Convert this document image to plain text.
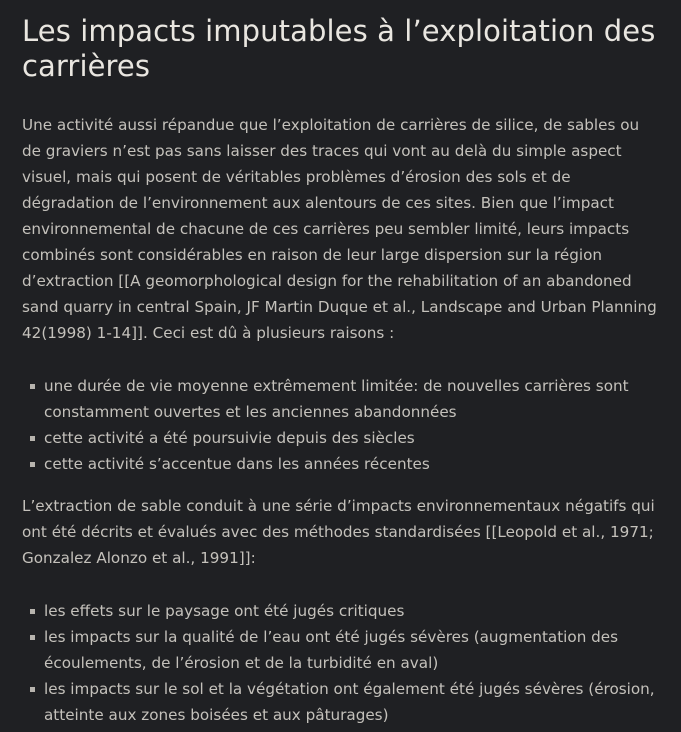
Les impacts imputables à l’exploitation des carrières

Une activité aussi répandue que l’exploitation de carrières de silice, de sables ou de graviers n’est pas sans laisser des traces qui vont au delà du simple aspect visuel, mais qui posent de véritables problèmes d’érosion des sols et de dégradation de l’environnement aux alentours de ces sites. Bien que l’impact environnemental de chacune de ces carrières peu sembler limité, leurs impacts combinés sont considérables en raison de leur large dispersion sur la région d’extraction [[A geomorphological design for the rehabilitation of an abandoned sand quarry in central Spain, JF Martin Duque et al., Landscape and Urban Planning 42(1998) 1-14]]. Ceci est dû à plusieurs raisons :

une durée de vie moyenne extrêmement limitée: de nouvelles carrières sont constamment ouvertes et les anciennes abandonnées
cette activité a été poursuivie depuis des siècles
cette activité s’accentue dans les années récentes

L’extraction de sable conduit à une série d’impacts environnementaux négatifs qui ont été décrits et évalués avec des méthodes standardisées [[Leopold et al., 1971; Gonzalez Alonzo et al., 1991]]:

les effets sur le paysage ont été jugés critiques
les impacts sur la qualité de l’eau ont été jugés sévères (augmentation des écoulements, de l’érosion et de la turbidité en aval)
les impacts sur le sol et la végétation ont également été jugés sévères (érosion, atteinte aux zones boisées et aux pâturages)
